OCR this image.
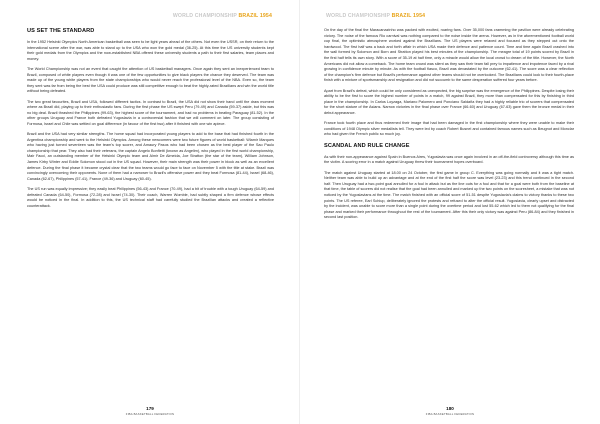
WORLD CHAMPIONSHIP BRAZIL 1954
US SET THE STANDARD

In the 1952 Helsinki Olympics North American basketball was seen to be light years ahead of the others. Not even the USSR, on their return to the international scene after the war, was able to stand up to the USA who won the gold medal (36-25). At this time the US university students kept their gold medals from the Olympics and the now-established NBA offered these university students a path to their first salaries, team places and money.

The World Championship was not an event that caught the attention of US basketball managers. Once again they sent an inexperienced team to Brazil, composed of white players even though it was one of the few opportunities to give black players the chance they deserved. The team was made up of the young white players from the state championships who would never reach the professional level of the NBA. Even so, the team they sent was far from being the best the USA could produce was still competitive enough to beat the highly-rated Brazilians and win the world title without being defeated.

The two great favourites, Brazil and USA, followed different tactics. In contrast to Brazil, the USA did not show their hand until the draw moment where as Brazil did, playing up to their enthusiastic fans. During the first phase the US swept Peru (79-49) and Canada (59-37) aside, but this was no big deal. Brazil thrashed the Philippines (99-63), the highest score of the tournament, and had no problems in beating Paraguay (81-52). In the other groups Uruguay and France both defeated Yugoslavia in a controversial fashion that we will comment on later. The group consisting of Formosa, Israel and Chile was settled on goal difference (in favour of the first two) after it finished with one win apiece.

Brazil and the USA had very similar strengths. The home squad had incorporated young players to add to the base that had finished fourth in the Argentina championship and went to the Helsinki Olympics. Among these newcomers were two future figures of world basketball: Wlamir Marques who having just turned seventeen was the team's top scorer, and Amaury Pasos who had been chosen as the best player of the Sao Paulo championship that year. They also had their veterans, the captain Angelo Bonfietti (known as Angelim), who played in the first world championship, Mair Facci, an outstanding member of the Helsinki Olympic team and Almir De Almeida, Joe Stratton (the star of the team), William Johnson, James Kirby Winter and Eddie Solomon stood out in the US squad. However, their main strength was their power in block as well as an excellent defence. During the final phase it became crystal clear that the two teams would go face to face on November 5 with the title at stake. Brazil was convincingly overcoming their opponents. None of them had a narrower to Brazil's offensive power and they beat Formosa (81-44), Israel (68-46), Canada (62-67), Philippines (57-41), France (49-36) and Uruguay (60-45).

The US run was equally impressive; they easily beat Philippines (56-43) and France (70-49), had a bit of trouble with a tough Uruguay (64-59) and defeated Canada (64-50), Formosa (72-28) and Israel (74-30). Their coach, Warren Womble, had subtly shaped a firm defence whose effects would be noticed in the final. In addition to this, the US technical staff had carefully studied the Brazilian attacks and created a reflective counterattack.

179
FIBA BASKETBALL FEDERATION
WORLD CHAMPIONSHIP BRAZIL 1954

On the day of the final the Maracanazinho was packed with excited, roaring fans. Over 35,000 fans cramming the pavilion were already celebrating victory. The noise of the famous Rio carnival was nothing compared to the noise inside the arena. However, as in the aforementioned football world cup final, the optimistic atmosphere worked against the Brazilians. The US players were relaxed and focused as they stepped out onto the hardwood. The first half was a back and forth affair in which USA made their defence and patience count. Time and time again Brazil crashed into the wall formed by Solomon and Born and Stratton played his best minutes of the championship. The meagre total of 19 points scored by Brazil in the first half tells its own story. With a score of 35-19 at half time, only a miracle would allow the local crowd to dream of the title. However, the North Americans did not allow a comeback. The home team crowd was silent as they saw their team fall prey to impatience and impotence faced by a rival growing in confidence minute by minute. As with the football fiasco, Brazil was devastated by the outcome (62-41). The score was a clear reflection of the champion's firm defence but Brazil's performance against other teams should not be overlooked. The Brazilians could look to their fourth-place finish with a mixture of sportsmanship and resignation and did not succumb to the same desperation suffered four years before.

Apart from Brazil's defeat, which could be only considered as unexpected, the big surprise was the emergence of the Philippines. Despite losing their ability to be the first to score the highest number of points in a match, 99 against Brazil, they more than compensated for this by finishing in third place in the championship. In Carlos Loyzaga, Mariano Palomero and Ponciano Saldaña they had a highly reliable trio of scorers that compensated for the short stature of the Asians. Narrow victories in the final phase over France (66-60) and Uruguay (67-63) gave them the bronze medal in their debut appearance.

France took fourth place and thus redeemed their image that had been damaged in the first championship where they were unable to make their conditions of 1948 Olympic silver medallists tell. They were led by coach Robert Busnel and contained famous names such as Beugnot and Monclar who had given the French public so much joy.

SCANDAL AND RULE CHANGE

As with their non-appearance against Spain in Buenos Aires, Yugoslavia was once again involved in an off-the-field controversy although this time as the victim. A scoring error in a match against Uruguay threw their tournament hopes overboard.

The match against Uruguay started at 18.00 on 24 October, the first game in group C. Everything was going normally and it was a tight match. Neither team was able to build up an advantage and at the end of the first half the score was level (23-23) and this trend continued in the second half. Then Uruguay had a two-point goal annulled for a foul in attack but as the line outs for a foul and that for a goal were both from the baseline at that time, the table of scorers did not realise that the goal had been annulled and marked up the two points on the scoresheet, a mistake that was not noticed by the Yugoslavians at the time. The match finished with an official score of 51-51 despite Yugoslavia's claims to victory thanks to these two points. The US referee, Earl Schiup, deliberately ignored the protests and refused to alter the official result. Yugoslavia, clearly upset and distracted by the incident, was unable to score more than a single point during the overtime period and lost 55-62 which led to them not qualifying for the final phase and marked their performance throughout the rest of the tournament. After this their only victory was against Peru (86-84) and they finished in second last position.

180
FIBA BASKETBALL FEDERATION
